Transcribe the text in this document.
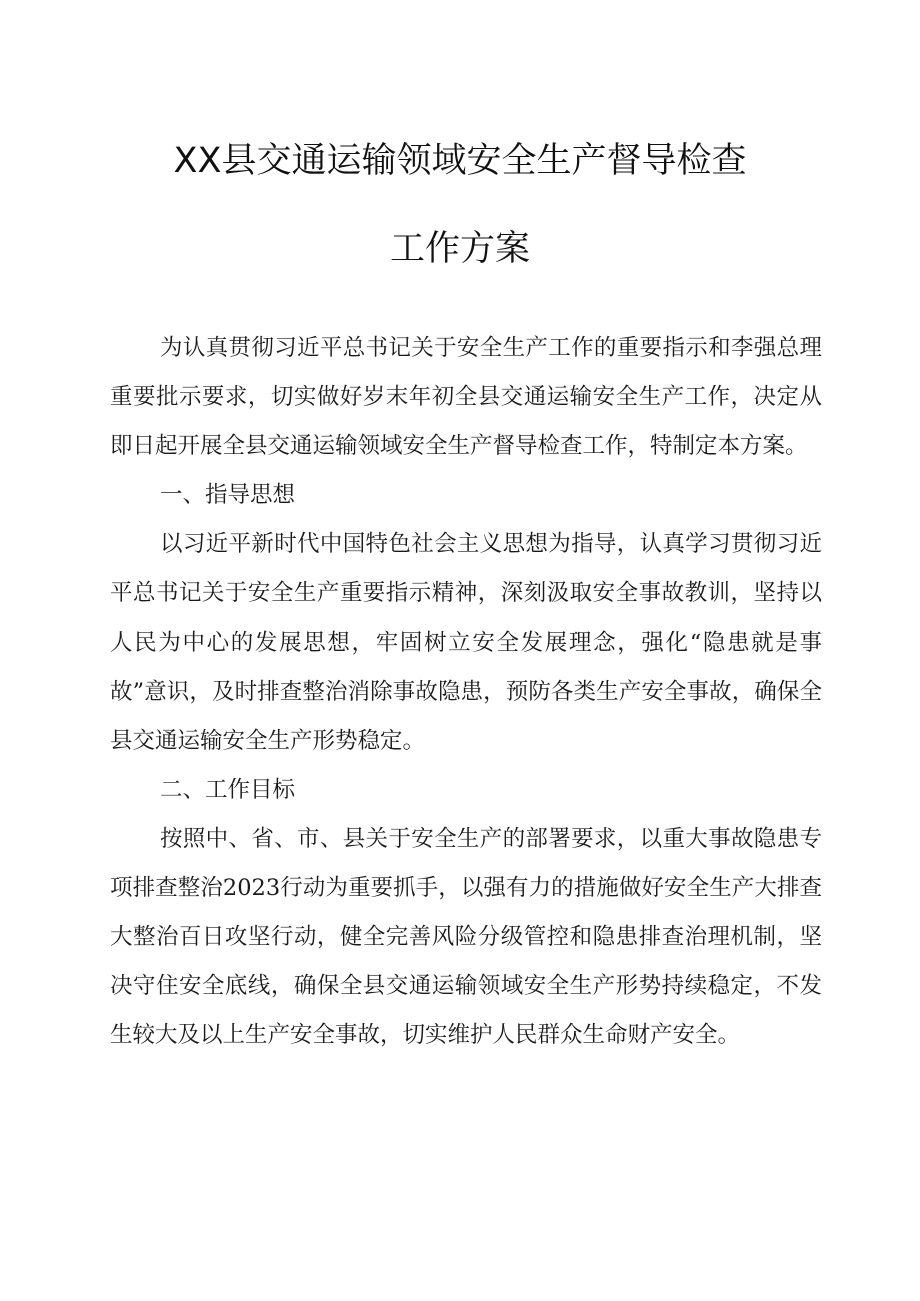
XX县交通运输领域安全生产督导检查
工作方案

为认真贯彻习近平总书记关于安全生产工作的重要指示和李强总理重要批示要求，切实做好岁末年初全县交通运输安全生产工作，决定从即日起开展全县交通运输领域安全生产督导检查工作，特制定本方案。

一、指导思想

以习近平新时代中国特色社会主义思想为指导，认真学习贯彻习近平总书记关于安全生产重要指示精神，深刻汲取安全事故教训，坚持以人民为中心的发展思想，牢固树立安全发展理念，强化“隐患就是事故”意识，及时排查整治消除事故隐患，预防各类生产安全事故，确保全县交通运输安全生产形势稳定。

二、工作目标

按照中、省、市、县关于安全生产的部署要求，以重大事故隐患专项排查整治2023行动为重要抓手，以强有力的措施做好安全生产大排查大整治百日攻坚行动，健全完善风险分级管控和隐患排查治理机制，坚决守住安全底线，确保全县交通运输领域安全生产形势持续稳定，不发生较大及以上生产安全事故，切实维护人民群众生命财产安全。
